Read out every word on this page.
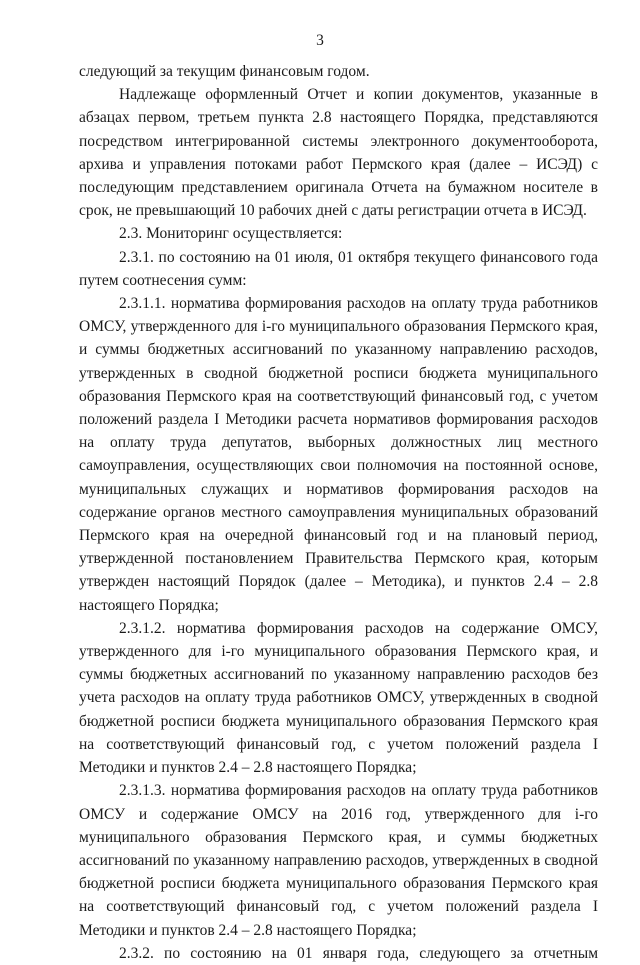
3

следующий за текущим финансовым годом.

Надлежаще оформленный Отчет и копии документов, указанные в абзацах первом, третьем пункта 2.8 настоящего Порядка, представляются посредством интегрированной системы электронного документооборота, архива и управления потоками работ Пермского края (далее – ИСЭД) с последующим представлением оригинала Отчета на бумажном носителе в срок, не превышающий 10 рабочих дней с даты регистрации отчета в ИСЭД.

2.3. Мониторинг осуществляется:

2.3.1. по состоянию на 01 июля, 01 октября текущего финансового года путем соотнесения сумм:

2.3.1.1. норматива формирования расходов на оплату труда работников ОМСУ, утвержденного для i-го муниципального образования Пермского края, и суммы бюджетных ассигнований по указанному направлению расходов, утвержденных в сводной бюджетной росписи бюджета муниципального образования Пермского края на соответствующий финансовый год, с учетом положений раздела I Методики расчета нормативов формирования расходов на оплату труда депутатов, выборных должностных лиц местного самоуправления, осуществляющих свои полномочия на постоянной основе, муниципальных служащих и нормативов формирования расходов на содержание органов местного самоуправления муниципальных образований Пермского края на очередной финансовый год и на плановый период, утвержденной постановлением Правительства Пермского края, которым утвержден настоящий Порядок (далее – Методика), и пунктов 2.4 – 2.8 настоящего Порядка;

2.3.1.2. норматива формирования расходов на содержание ОМСУ, утвержденного для i-го муниципального образования Пермского края, и суммы бюджетных ассигнований по указанному направлению расходов без учета расходов на оплату труда работников ОМСУ, утвержденных в сводной бюджетной росписи бюджета муниципального образования Пермского края на соответствующий финансовый год, с учетом положений раздела I Методики и пунктов 2.4 – 2.8 настоящего Порядка;

2.3.1.3. норматива формирования расходов на оплату труда работников ОМСУ и содержание ОМСУ на 2016 год, утвержденного для i-го муниципального образования Пермского края, и суммы бюджетных ассигнований по указанному направлению расходов, утвержденных в сводной бюджетной росписи бюджета муниципального образования Пермского края на соответствующий финансовый год, с учетом положений раздела I Методики и пунктов 2.4 – 2.8 настоящего Порядка;

2.3.2. по состоянию на 01 января года, следующего за отчетным
